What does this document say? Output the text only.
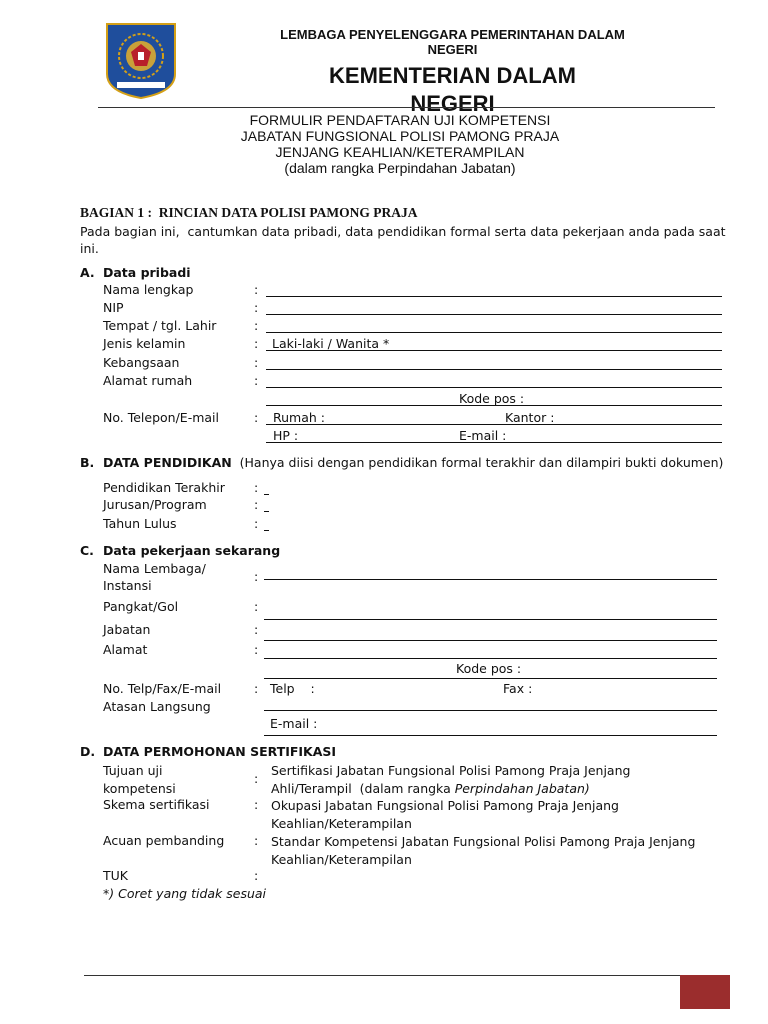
LEMBAGA PENYELENGGARA PEMERINTAHAN DALAM
NEGERI
KEMENTERIAN DALAM
NEGERI
FORMULIR PENDAFTARAN UJI KOMPETENSI
JABATAN FUNGSIONAL POLISI PAMONG PRAJA
JENJANG KEAHLIAN/KETERAMPILAN
(dalam rangka Perpindahan Jabatan)
BAGIAN 1 :  RINCIAN DATA POLISI PAMONG PRAJA
Pada bagian ini,  cantumkan data pribadi, data pendidikan formal serta data pekerjaan anda pada saat
ini.
A. Data pribadi
Nama lengkap	:
NIP	:
Tempat / tgl. Lahir	:
Jenis kelamin	: Laki-laki / Wanita *
Kebangsaan	:
Alamat rumah	:
Kode pos :
No. Telepon/E-mail	: Rumah :	Kantor :
HP :	E-mail :
B. DATA PENDIDIKAN (Hanya diisi dengan pendidikan formal terakhir dan dilampiri bukti dokumen)
Pendidikan Terakhir :
Jurusan/Program	:
Tahun Lulus	:
C. Data pekerjaan sekarang
Nama Lembaga/
Instansi
:
Pangkat/Gol	:
Jabatan	:
Alamat	:
Kode pos :
No. Telp/Fax/E-mail	: Telp    :	Fax :
Atasan Langsung
E-mail :
D. DATA PERMOHONAN SERTIFIKASI
Tujuan uji
kompetensi
:
Sertifikasi Jabatan Fungsional Polisi Pamong Praja Jenjang
Ahli/Terampil  (dalam rangka Perpindahan Jabatan)
Skema sertifikasi	: Okupasi Jabatan Fungsional Polisi Pamong Praja Jenjang
Keahlian/Keterampilan
Acuan pembanding : Standar Kompetensi Jabatan Fungsional Polisi Pamong Praja Jenjang
Keahlian/Keterampilan
TUK	:
*) Coret yang tidak sesuai
